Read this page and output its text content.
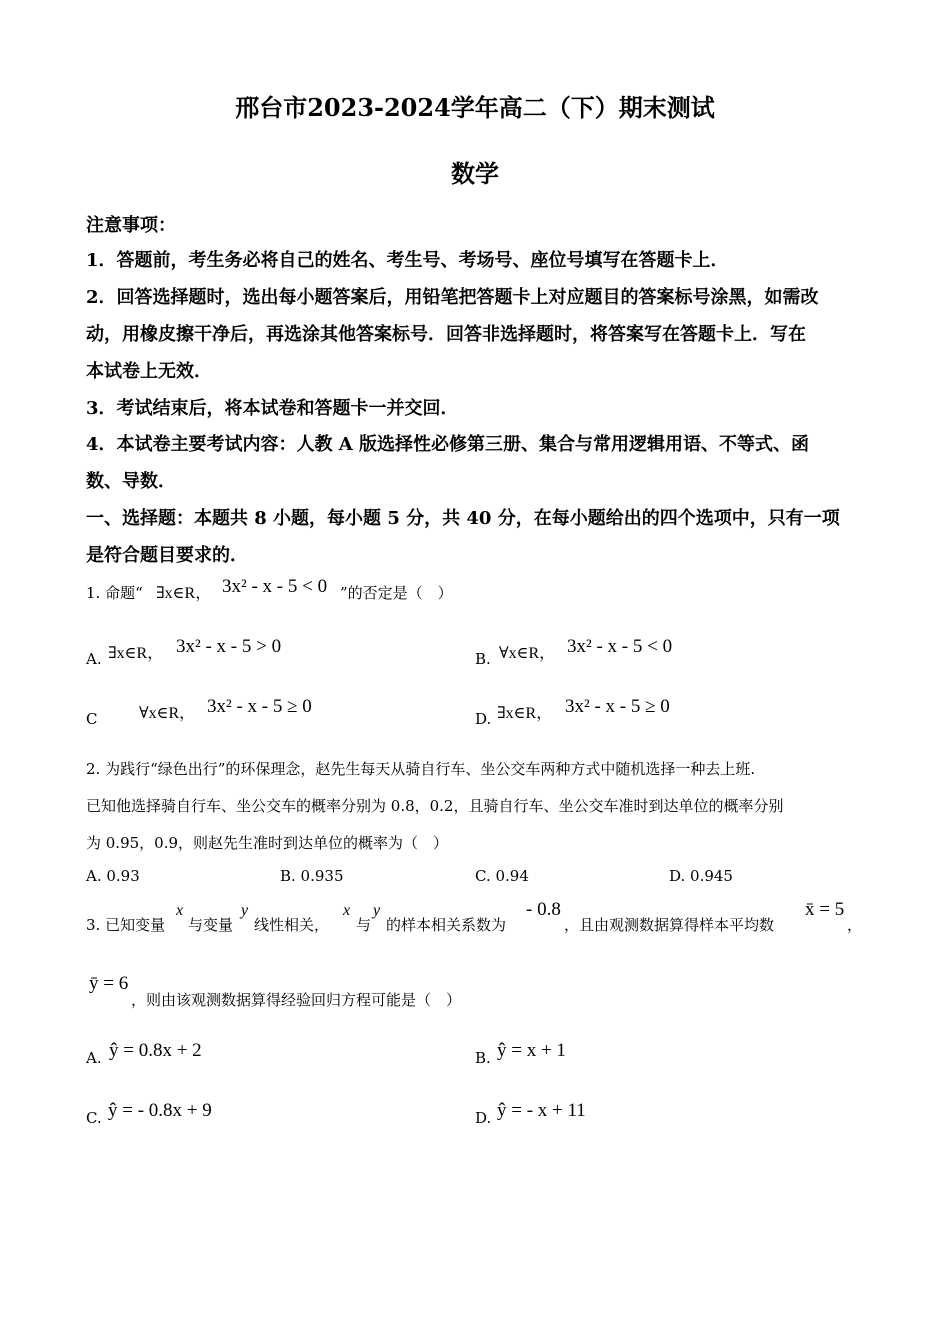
邢台市2023-2024学年高二（下）期末测试
数学
注意事项：
1．答题前，考生务必将自己的姓名、考生号、考场号、座位号填写在答题卡上．
2．回答选择题时，选出每小题答案后，用铅笔把答题卡上对应题目的答案标号涂黑，如需改
动，用橡皮擦干净后，再选涂其他答案标号．回答非选择题时，将答案写在答题卡上．写在
本试卷上无效．
3．考试结束后，将本试卷和答题卡一并交回．
4．本试卷主要考试内容：人教 A 版选择性必修第三册、集合与常用逻辑用语、不等式、函
数、导数．
一、选择题：本题共 8 小题，每小题 5 分，共 40 分，在每小题给出的四个选项中，只有一项
是符合题目要求的．
1. 命题“ ∃x∈R， 3x² - x - 5 < 0 ”的否定是（　）
A. ∃x∈R， 3x² - x - 5 > 0
B. ∀x∈R， 3x² - x - 5 < 0
C	∀x∈R， 3x² - x - 5 ≥ 0
D. ∃x∈R， 3x² - x - 5 ≥ 0
2. 为践行“绿色出行”的环保理念，赵先生每天从骑自行车、坐公交车两种方式中随机选择一种去上班.
已知他选择骑自行车、坐公交车的概率分别为 0.8，0.2，且骑自行车、坐公交车准时到达单位的概率分别
为 0.95，0.9，则赵先生准时到达单位的概率为（　）
A. 0.93	B. 0.935	C. 0.94	D. 0.945
3. 已知变量
x
与变量
y
线性相关，
x
与
y
的样本相关系数为
- 0.8
，且由观测数据算得样本平均数
x̄ = 5
，
ȳ = 6
，则由该观测数据算得经验回归方程可能是（　）
A. ŷ = 0.8x + 2	B. ŷ = x + 1
C. ŷ = - 0.8x + 9	D. ŷ = - x + 11
